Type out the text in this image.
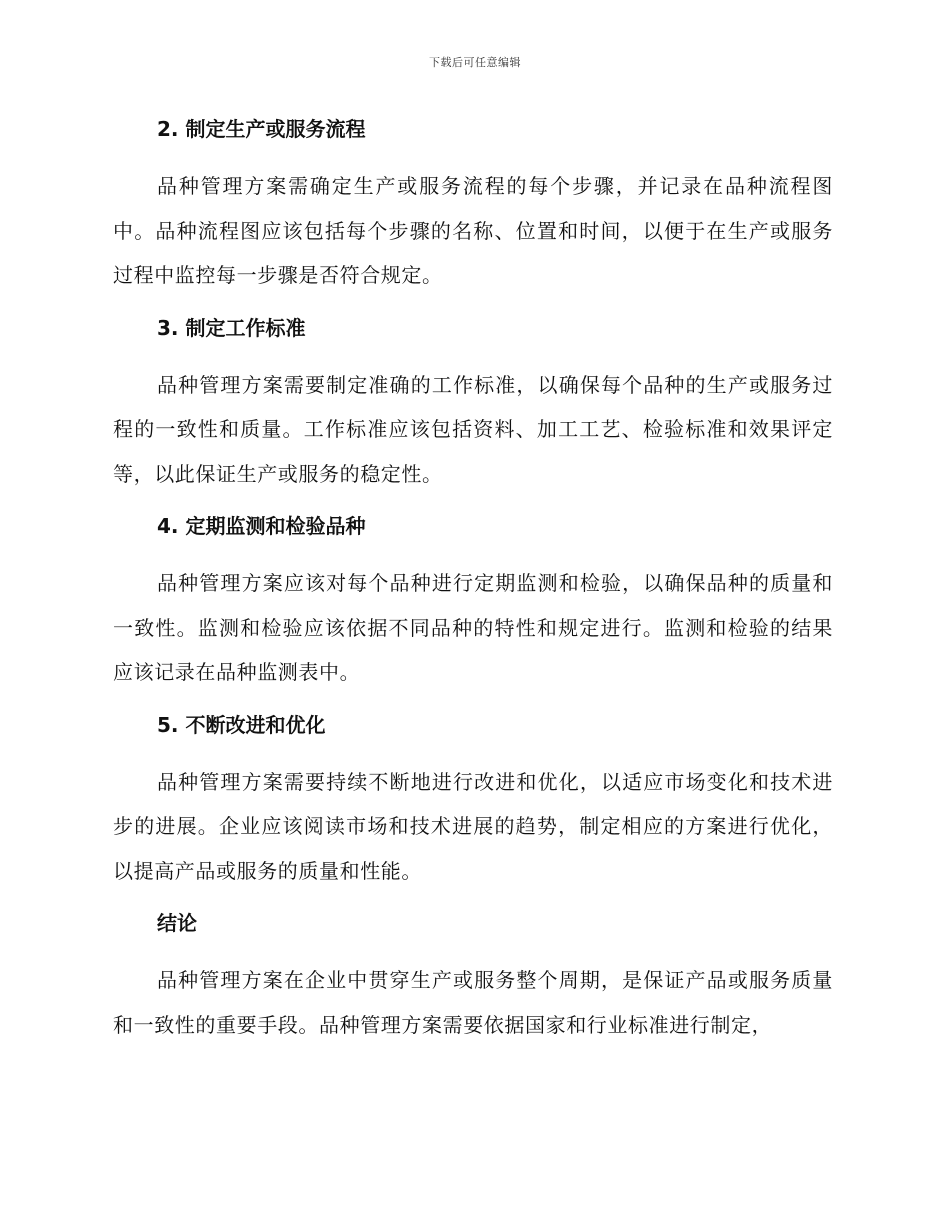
下载后可任意编辑
2. 制定生产或服务流程

品种管理方案需确定生产或服务流程的每个步骤，并记录在品种流程图中。品种流程图应该包括每个步骤的名称、位置和时间，以便于在生产或服务过程中监控每一步骤是否符合规定。

3. 制定工作标准

品种管理方案需要制定准确的工作标准，以确保每个品种的生产或服务过程的一致性和质量。工作标准应该包括资料、加工工艺、检验标准和效果评定等，以此保证生产或服务的稳定性。

4. 定期监测和检验品种

品种管理方案应该对每个品种进行定期监测和检验，以确保品种的质量和一致性。监测和检验应该依据不同品种的特性和规定进行。监测和检验的结果应该记录在品种监测表中。

5. 不断改进和优化

品种管理方案需要持续不断地进行改进和优化，以适应市场变化和技术进步的进展。企业应该阅读市场和技术进展的趋势，制定相应的方案进行优化，以提高产品或服务的质量和性能。

结论

品种管理方案在企业中贯穿生产或服务整个周期，是保证产品或服务质量和一致性的重要手段。品种管理方案需要依据国家和行业标准进行制定，
